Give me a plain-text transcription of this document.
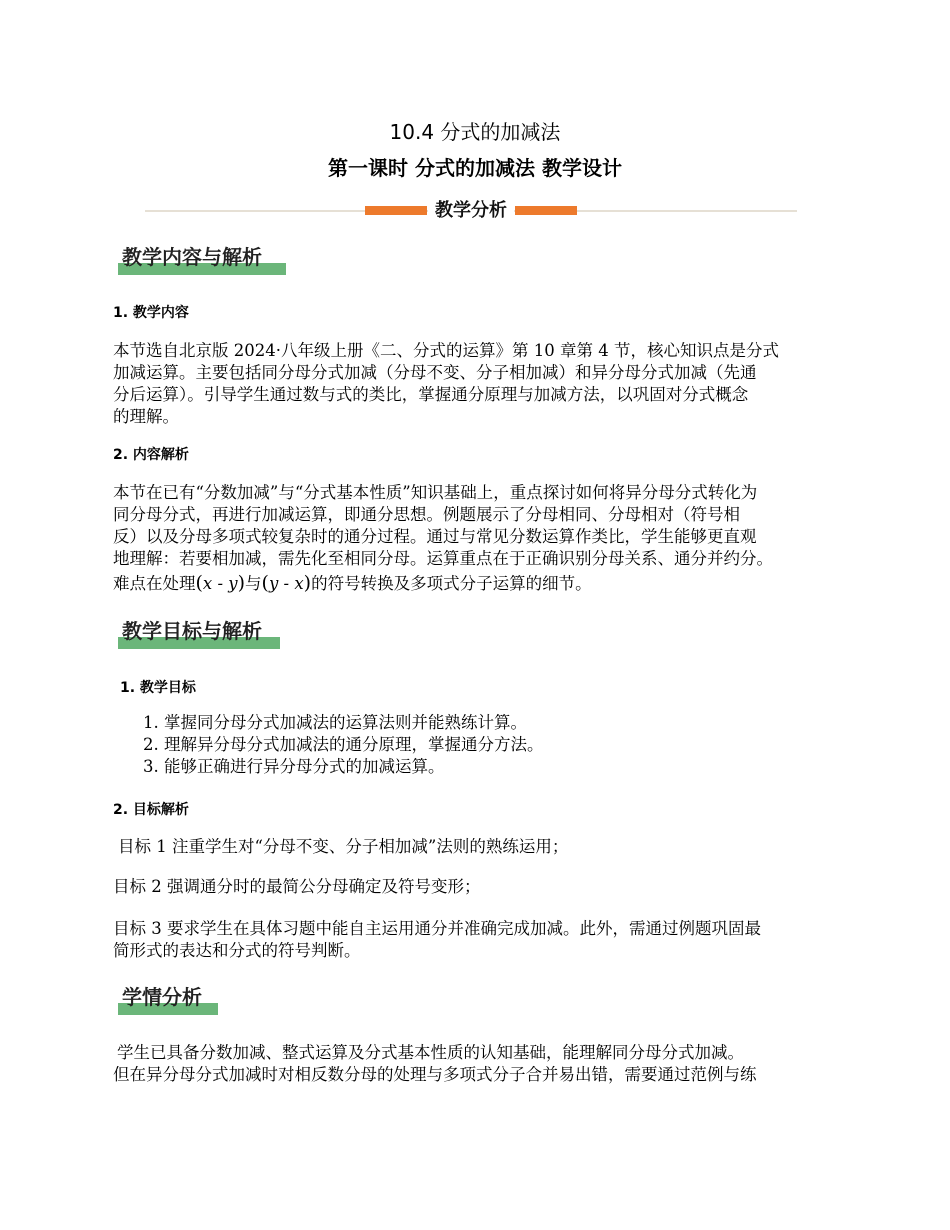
10.4 分式的加减法
第一课时 分式的加减法 教学设计
教学分析
教学内容与解析
1. 教学内容
本节选自北京版 2024·八年级上册《二、分式的运算》第 10 章第 4 节，核心知识点是分式
加减运算。主要包括同分母分式加减（分母不变、分子相加减）和异分母分式加减（先通
分后运算）。引导学生通过数与式的类比，掌握通分原理与加减方法，以巩固对分式概念
的理解。
2. 内容解析
本节在已有“分数加减”与“分式基本性质”知识基础上，重点探讨如何将异分母分式转化为
同分母分式，再进行加减运算，即通分思想。例题展示了分母相同、分母相对（符号相
反）以及分母多项式较复杂时的通分过程。通过与常见分数运算作类比，学生能够更直观
地理解：若要相加减，需先化至相同分母。运算重点在于正确识别分母关系、通分并约分。
难点在处理(x - y)与(y - x)的符号转换及多项式分子运算的细节。
教学目标与解析
1. 教学目标
1. 掌握同分母分式加减法的运算法则并能熟练计算。
2. 理解异分母分式加减法的通分原理，掌握通分方法。
3. 能够正确进行异分母分式的加减运算。
2. 目标解析
目标 1 注重学生对“分母不变、分子相加减”法则的熟练运用；
目标 2 强调通分时的最简公分母确定及符号变形；
目标 3 要求学生在具体习题中能自主运用通分并准确完成加减。此外，需通过例题巩固最
简形式的表达和分式的符号判断。
学情分析
学生已具备分数加减、整式运算及分式基本性质的认知基础，能理解同分母分式加减。
但在异分母分式加减时对相反数分母的处理与多项式分子合并易出错，需要通过范例与练
